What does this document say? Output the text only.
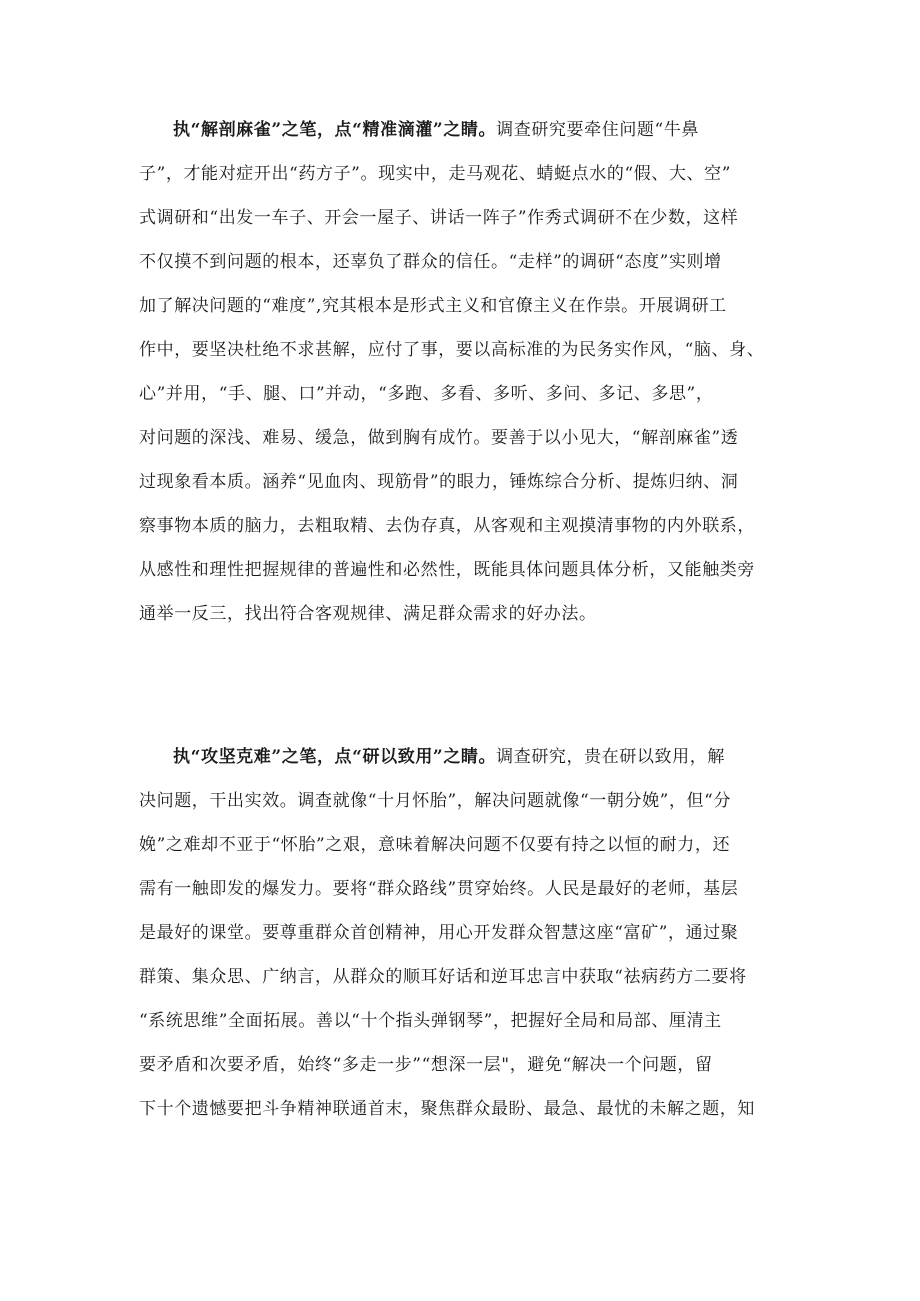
执“解剖麻雀”之笔，点“精准滴灌”之睛。调查研究要牵住问题“牛鼻
子”，才能对症开出“药方子”。现实中，走马观花、蜻蜓点水的“假、大、空”
式调研和“出发一车子、开会一屋子、讲话一阵子”作秀式调研不在少数，这样
不仅摸不到问题的根本，还辜负了群众的信任。“走样”的调研“态度”实则增
加了解决问题的“难度”,究其根本是形式主义和官僚主义在作祟。开展调研工
作中，要坚决杜绝不求甚解，应付了事，要以高标准的为民务实作风，“脑、身、
心”并用，“手、腿、口”并动，“多跑、多看、多听、多问、多记、多思”，
对问题的深浅、难易、缓急，做到胸有成竹。要善于以小见大，“解剖麻雀”透
过现象看本质。涵养“见血肉、现筋骨”的眼力，锤炼综合分析、提炼归纳、洞
察事物本质的脑力，去粗取精、去伪存真，从客观和主观摸清事物的内外联系，
从感性和理性把握规律的普遍性和必然性，既能具体问题具体分析，又能触类旁
通举一反三，找出符合客观规律、满足群众需求的好办法。
执“攻坚克难”之笔，点“研以致用”之睛。调查研究，贵在研以致用，解
决问题，干出实效。调查就像“十月怀胎”，解决问题就像“一朝分娩”，但“分
娩”之难却不亚于“怀胎”之艰，意味着解决问题不仅要有持之以恒的耐力，还
需有一触即发的爆发力。要将“群众路线”贯穿始终。人民是最好的老师，基层
是最好的课堂。要尊重群众首创精神，用心开发群众智慧这座“富矿”，通过聚
群策、集众思、广纳言，从群众的顺耳好话和逆耳忠言中获取“祛病药方二要将
“系统思维”全面拓展。善以“十个指头弹钢琴”，把握好全局和局部、厘清主
要矛盾和次要矛盾，始终“多走一步”“想深一层"，避免“解决一个问题，留
下十个遗憾要把斗争精神联通首末，聚焦群众最盼、最急、最忧的未解之题，知
